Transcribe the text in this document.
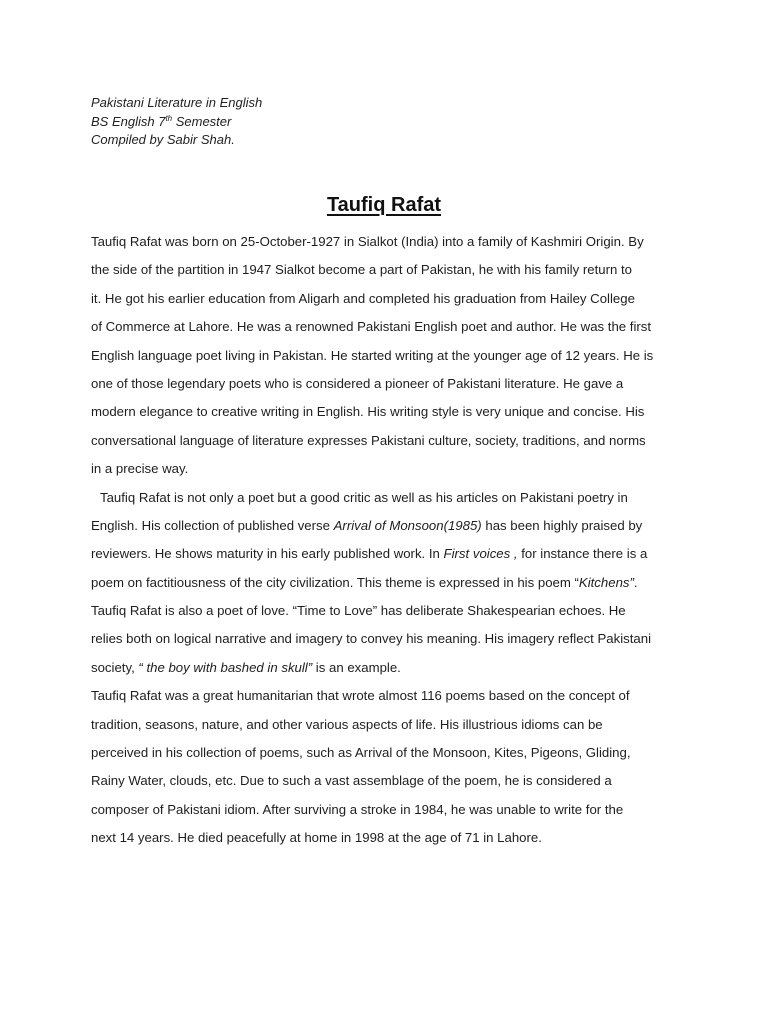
Pakistani Literature in English
BS English 7th Semester
Compiled by Sabir Shah.
Taufiq Rafat
Taufiq Rafat was born on 25-October-1927 in Sialkot (India) into a family of Kashmiri Origin. By
the side of the partition in 1947 Sialkot become a part of Pakistan, he with his family return to
it. He got his earlier education from Aligarh and completed his graduation from Hailey College
of Commerce at Lahore. He was a renowned Pakistani English poet and author. He was the first
English language poet living in Pakistan. He started writing at the younger age of 12 years. He is
one of those legendary poets who is considered a pioneer of Pakistani literature. He gave a
modern elegance to creative writing in English. His writing style is very unique and concise. His
conversational language of literature expresses Pakistani culture, society, traditions, and norms
in a precise way.
Taufiq Rafat is not only a poet but a good critic as well as his articles on Pakistani poetry in
English. His collection of published verse Arrival of Monsoon(1985) has been highly praised by
reviewers. He shows maturity in his early published work. In First voices , for instance there is a
poem on factitiousness of the city civilization. This theme is expressed in his poem “Kitchens”.
Taufiq Rafat is also a poet of love. “Time to Love” has deliberate Shakespearian echoes. He
relies both on logical narrative and imagery to convey his meaning. His imagery reflect Pakistani
society, “ the boy with bashed in skull” is an example.
Taufiq Rafat was a great humanitarian that wrote almost 116 poems based on the concept of
tradition, seasons, nature, and other various aspects of life. His illustrious idioms can be
perceived in his collection of poems, such as Arrival of the Monsoon, Kites, Pigeons, Gliding,
Rainy Water, clouds, etc. Due to such a vast assemblage of the poem, he is considered a
composer of Pakistani idiom. After surviving a stroke in 1984, he was unable to write for the
next 14 years. He died peacefully at home in 1998 at the age of 71 in Lahore.
